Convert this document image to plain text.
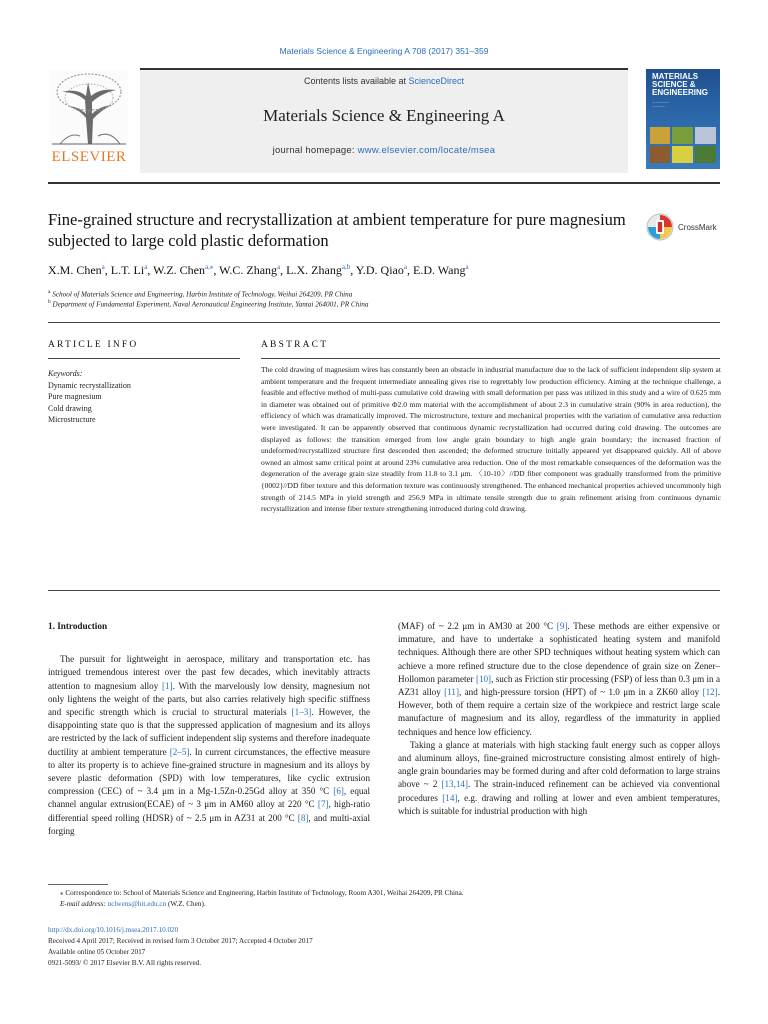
Materials Science & Engineering A 708 (2017) 351–359
ELSEVIER
Contents lists available at ScienceDirect
Materials Science & Engineering A
journal homepage: www.elsevier.com/locate/msea
MATERIALS SCIENCE & ENGINEERING
────────
──────
Fine-grained structure and recrystallization at ambient temperature for pure magnesium subjected to large cold plastic deformation
CrossMark
X.M. Chen$^a$, L.T. Li$^a$, W.Z. Chen$^{a,⁎}$, W.C. Zhang$^a$, L.X. Zhang$^{a,b}$, Y.D. Qiao$^a$, E.D. Wang$^a$
$^a$ School of Materials Science and Engineering, Harbin Institute of Technology, Weihai 264209, PR China
$^b$ Department of Fundamental Experiment, Naval Aeronautical Engineering Institute, Yantai 264001, PR China
ARTICLE INFO	ABSTRACT
Keywords:
Dynamic recrystallization
Pure magnesium
Cold drawing
Microstructure
The cold drawing of magnesium wires has constantly been an obstacle in industrial manufacture due to the lack of sufficient independent slip system at ambient temperature and the frequent intermediate annealing gives rise to regrettably low production efficiency. Aiming at the technique challenge, a feasible and effective method of multi-pass cumulative cold drawing with small deformation per pass was utilized in this study and a wire of 0.625 mm in diameter was obtained out of primitive Φ2.0 mm material with the accomplishment of about 2.3 in cumulative strain (90% in area reduction), the efficiency of which was dramatically improved. The microstructure, texture and mechanical properties with the variation of cumulative area reduction were investigated. It can be apparently observed that continuous dynamic recrystallization had occurred during cold drawing. The outcomes are displayed as follows: the transition emerged from low angle grain boundary to high angle grain boundary; the increased fraction of undeformed/recrystallized structure first descended then ascended; the deformed structure initially appeared yet disappeared quickly. All of above owned an almost same critical point at around 23% cumulative area reduction. One of the most remarkable consequences of the deformation was the degeneration of the average grain size steadily from 11.8 to 3.1 μm. 〈10-10〉//DD fiber component was gradually transformed from the primitive {0002}//DD fiber texture and this deformation texture was continuously strengthened. The enhanced mechanical properties achieved uncommonly high strength of 214.5 MPa in yield strength and 256.9 MPa in ultimate tensile strength due to grain refinement arising from continuous dynamic recrystallization and intense fiber texture strengthening introduced during cold drawing.

1. Introduction

The pursuit for lightweight in aerospace, military and transportation etc. has intrigued tremendous interest over the past few decades, which inevitably attracts attention to magnesium alloy [1]. With the marvelously low density, magnesium not only lightens the weight of the parts, but also carries relatively high specific stiffness and specific strength which is crucial to structural materials [1–3]. However, the disappointing state quo is that the suppressed application of magnesium and its alloys are restricted by the lack of sufficient independent slip systems and therefore inadequate ductility at ambient temperature [2–5]. In current circumstances, the effective measure to alter its property is to achieve fine-grained structure in magnesium and its alloys by severe plastic deformation (SPD) with low temperatures, like cyclic extrusion compression (CEC) of ~ 3.4 μm in a Mg-1.5Zn-0.25Gd alloy at 350 °C [6], equal channel angular extrusion(ECAE) of ~ 3 μm in AM60 alloy at 220 °C [7], high-ratio differential speed rolling (HDSR) of ~ 2.5 μm in AZ31 at 200 °C [8], and multi-axial forging

(MAF) of ~ 2.2 μm in AM30 at 200 °C [9]. These methods are either expensive or immature, and have to undertake a sophisticated heating system and manifold techniques. Although there are other SPD techniques without heating system which can achieve a more refined structure due to the close dependence of grain size on Zener–Hollomon parameter [10], such as Friction stir processing (FSP) of less than 0.3 μm in a AZ31 alloy [11], and high-pressure torsion (HPT) of ~ 1.0 μm in a ZK60 alloy [12]. However, both of them require a certain size of the workpiece and restrict large scale manufacture of magnesium and its alloy, regardless of the immaturity in applied techniques and hence low efficiency.

Taking a glance at materials with high stacking fault energy such as copper alloys and aluminum alloys, fine-grained microstructure consisting almost entirely of high-angle grain boundaries may be formed during and after cold deformation to large strains above ~ 2 [13,14]. The strain-induced refinement can be achieved via conventional procedures [14], e.g. drawing and rolling at lower and even ambient temperatures, which is suitable for industrial production with high

⁎ Correspondence to: School of Materials Science and Engineering, Harbin Institute of Technology, Room A301, Weihai 264209, PR China.
E-mail address: nclwens@hit.edu.cn (W.Z. Chen).
http://dx.doi.org/10.1016/j.msea.2017.10.020
Received 4 April 2017; Received in revised form 3 October 2017; Accepted 4 October 2017
Available online 05 October 2017
0921-5093/ © 2017 Elsevier B.V. All rights reserved.
